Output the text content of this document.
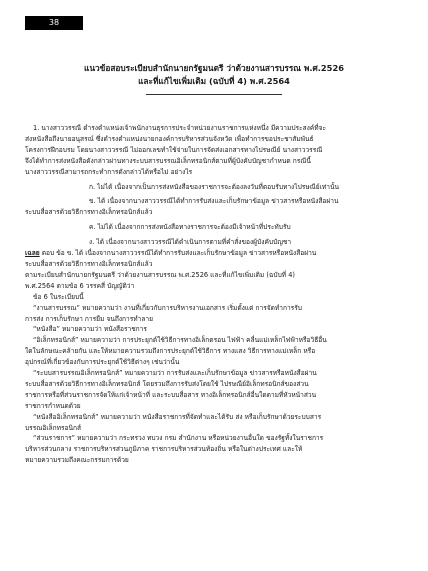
38
แนวข้อสอบระเบียบสำนักนายกรัฐมนตรี ว่าด้วยงานสารบรรณ พ.ศ.2526
และที่แก้ไขเพิ่มเติม (ฉบับที่ 4) พ.ศ.2564

1. นางสาววรรณี ดำรงตำแหน่งเจ้าพนักงานธุรการประจำหน่วยงานราชการแห่งหนึ่ง มีความประสงค์ที่จะ

ส่งหนังสือถึงนายอนุสรณ์ ซึ่งดำรงตำแหน่งนายกองค์การบริหารส่วนจังหวัด เพื่อทำการขอประชาสัมพันธ์

โครงการฝึกอบรม โดยนางสาววรรณี ไม่ออกเลขทำใช้จ่ายในการจัดส่งเอกสารทางไปรษณีย์ นางสาววรรณี

จึงได้ทำการส่งหนังสือดังกล่าวผ่านทางระบบสารบรรณอิเล็กทรอนิกส์ตามที่ผู้บังคับบัญชากำหนด กรณีนี้

นางสาววรรณีสามารถกระทำการดังกล่าวได้หรือไม่ อย่างไร

ก. ไม่ได้ เนื่องจากเป็นการส่งหนังสือของราชการจะต้องลงวันที่ตอบรับทางไปรษณีย์เท่านั้น

ข. ได้ เนื่องจากนางสาววรรณีได้ทำการรับส่งและเก็บรักษาข้อมูล ข่าวสารหรือหนังสือผ่าน

ระบบสื่อสารด้วยวิธีการทางอิเล็กทรอนิกส์แล้ว

ค. ไม่ได้ เนื่องจากการส่งหนังสือทางราชการจะต้องมีเจ้าหน้าที่ประทับรับ

ง. ได้ เนื่องจากนางสาววรรณีได้ดำเนินการตามที่คำสั่งของผู้บังคับบัญชา

เฉลย ตอบ ข้อ ข. ได้ เนื่องจากนางสาววรรณีได้ทำการรับส่งและเก็บรักษาข้อมูล ข่าวสารหรือหนังสือผ่าน

ระบบสื่อสารด้วยวิธีการทางอิเล็กทรอนิกส์แล้ว

ตามระเบียบสำนักนายกรัฐมนตรี ว่าด้วยงานสารบรรณ พ.ศ.2526 และที่แก้ไขเพิ่มเติม (ฉบับที่ 4)

พ.ศ.2564 ตามข้อ 6 วรรคสี่ บัญญัติว่า

ข้อ 6 ในระเบียบนี้

“งานสารบรรณ” หมายความว่า งานที่เกี่ยวกับการบริหารงานเอกสาร เริ่มตั้งแต่ การจัดทำการรับ

การส่ง การเก็บรักษา การยืม จนถึงการทำลาย

“หนังสือ” หมายความว่า หนังสือราชการ

“อิเล็กทรอนิกส์” หมายความว่า การประยุกต์ใช้วิธีการทางอิเล็กตรอน ไฟฟ้า คลื่นแม่เหล็กไฟฟ้าหรือวิธีอื่น

ใดในลักษณะคล้ายกัน และให้หมายความรวมถึงการประยุกต์ใช้วิธีการ ทางแสง วิธีการทางแม่เหล็ก หรือ

อุปกรณ์ที่เกี่ยวข้องกับการประยุกต์ใช้วิธีต่างๆ เช่นว่านั้น

“ระบบสารบรรณอิเล็กทรอนิกส์” หมายความว่า การรับส่งและเก็บรักษาข้อมูล ข่าวสารหรือหนังสือผ่าน

ระบบสื่อสารด้วยวิธีการทางอิเล็กทรอนิกส์ โดยรวมถึงการรับส่งโดยใช้ ไปรษณีย์อิเล็กทรอนิกส์ของส่วน

ราชการหรือที่ส่วนราชการจัดให้แก่เจ้าหน้าที่ และระบบสื่อสาร ทางอิเล็กทรอนิกส์อื่นใดตามที่หัวหน้าส่วน

ราชการกำหนดด้วย

“หนังสืออิเล็กทรอนิกส์” หมายความว่า หนังสือราชการที่จัดทำและได้รับ ส่ง หรือเก็บรักษาด้วยระบบสาร

บรรณอิเล็กทรอนิกส์

“ส่วนราชการ” หมายความว่า กระทรวง ทบวง กรม สำนักงาน หรือหน่วยงานอื่นใด ของรัฐทั้งในราชการ

บริหารส่วนกลาง ราชการบริหารส่วนภูมิภาค ราชการบริหารส่วนท้องถิ่น หรือในต่างประเทศ และให้

หมายความรวมถึงคณะกรรมการด้วย
